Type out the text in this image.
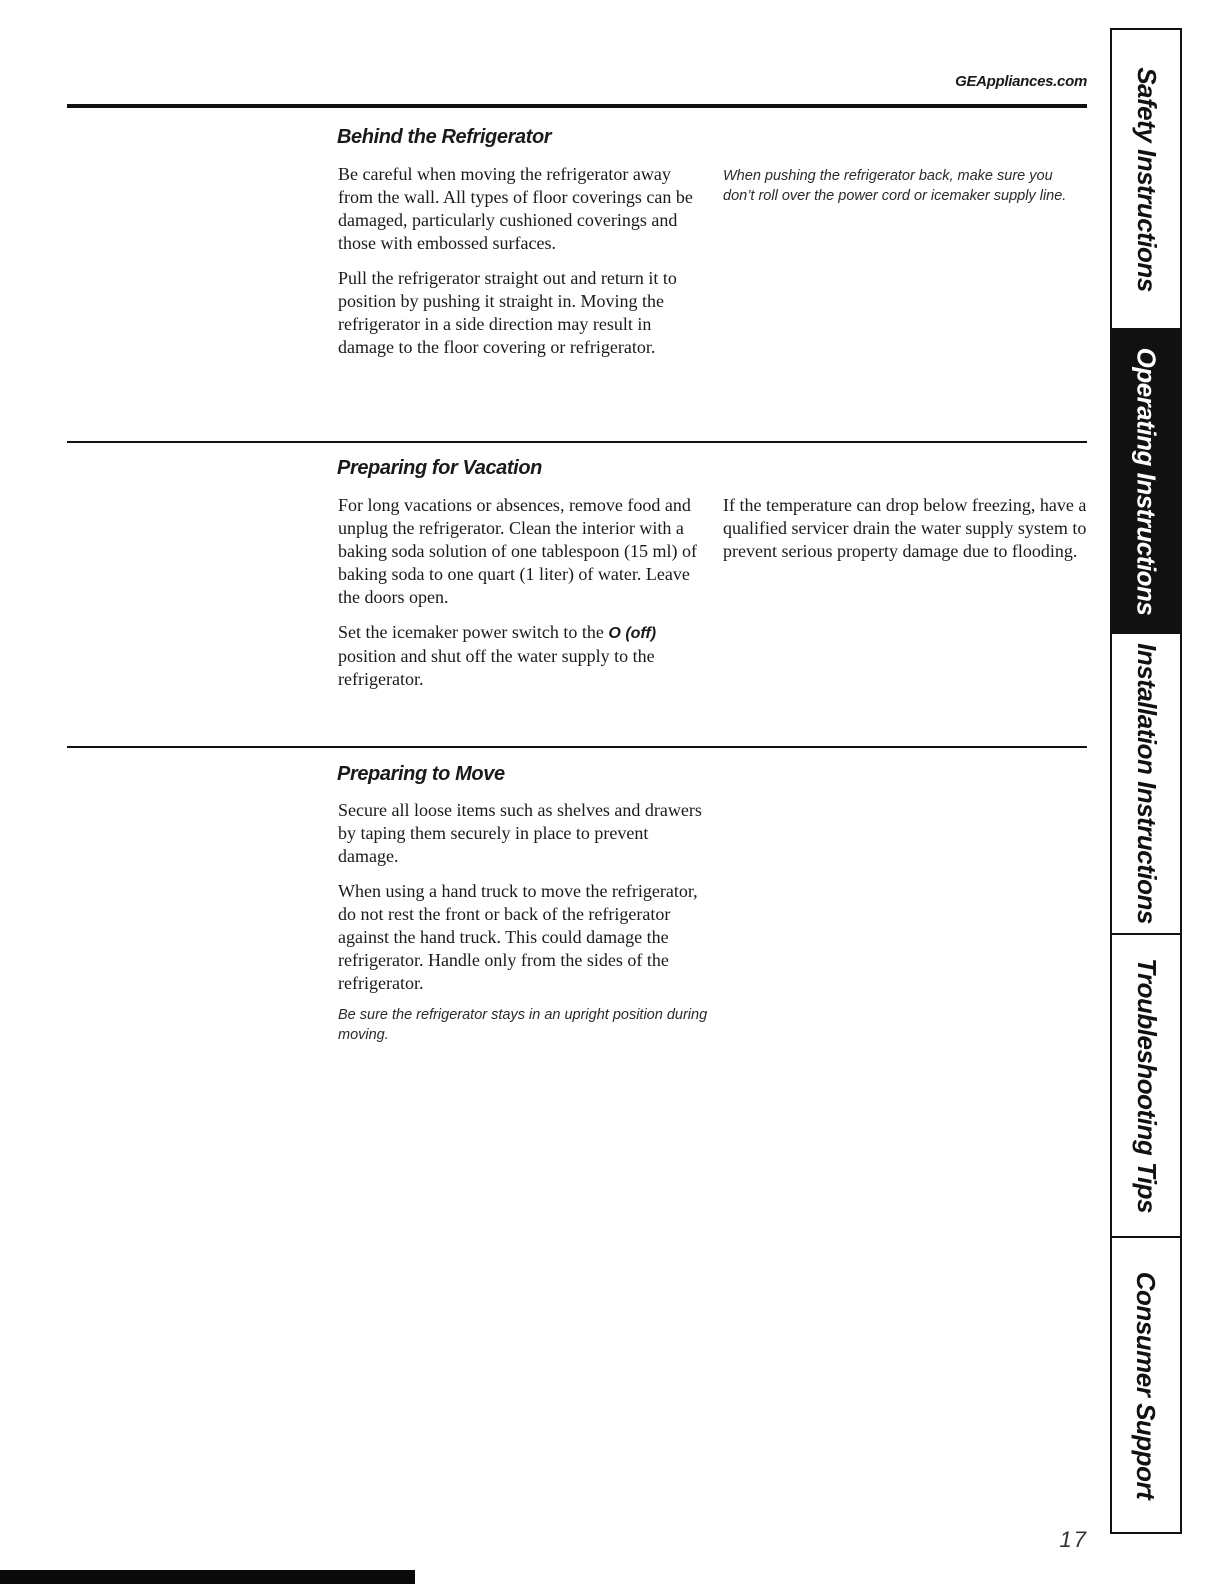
GEAppliances.com
Behind the Refrigerator

Be careful when moving the refrigerator away from the wall. All types of floor coverings can be damaged, particularly cushioned coverings and those with embossed surfaces.

Pull the refrigerator straight out and return it to position by pushing it straight in. Moving the refrigerator in a side direction may result in damage to the floor covering or refrigerator.

When pushing the refrigerator back, make sure you don’t roll over the power cord or icemaker supply line.

Preparing for Vacation

For long vacations or absences, remove food and unplug the refrigerator. Clean the interior with a baking soda solution of one tablespoon (15 ml) of baking soda to one quart (1 liter) of water. Leave the doors open.

Set the icemaker power switch to the O (off) position and shut off the water supply to the refrigerator.

If the temperature can drop below freezing, have a qualified servicer drain the water supply system to prevent serious property damage due to flooding.

Preparing to Move

Secure all loose items such as shelves and drawers by taping them securely in place to prevent damage.

When using a hand truck to move the refrigerator, do not rest the front or back of the refrigerator against the hand truck. This could damage the refrigerator. Handle only from the sides of the refrigerator.

Be sure the refrigerator stays in an upright position during moving.

Safety Instructions
Operating Instructions
Installation Instructions
Troubleshooting Tips
Consumer Support
17
